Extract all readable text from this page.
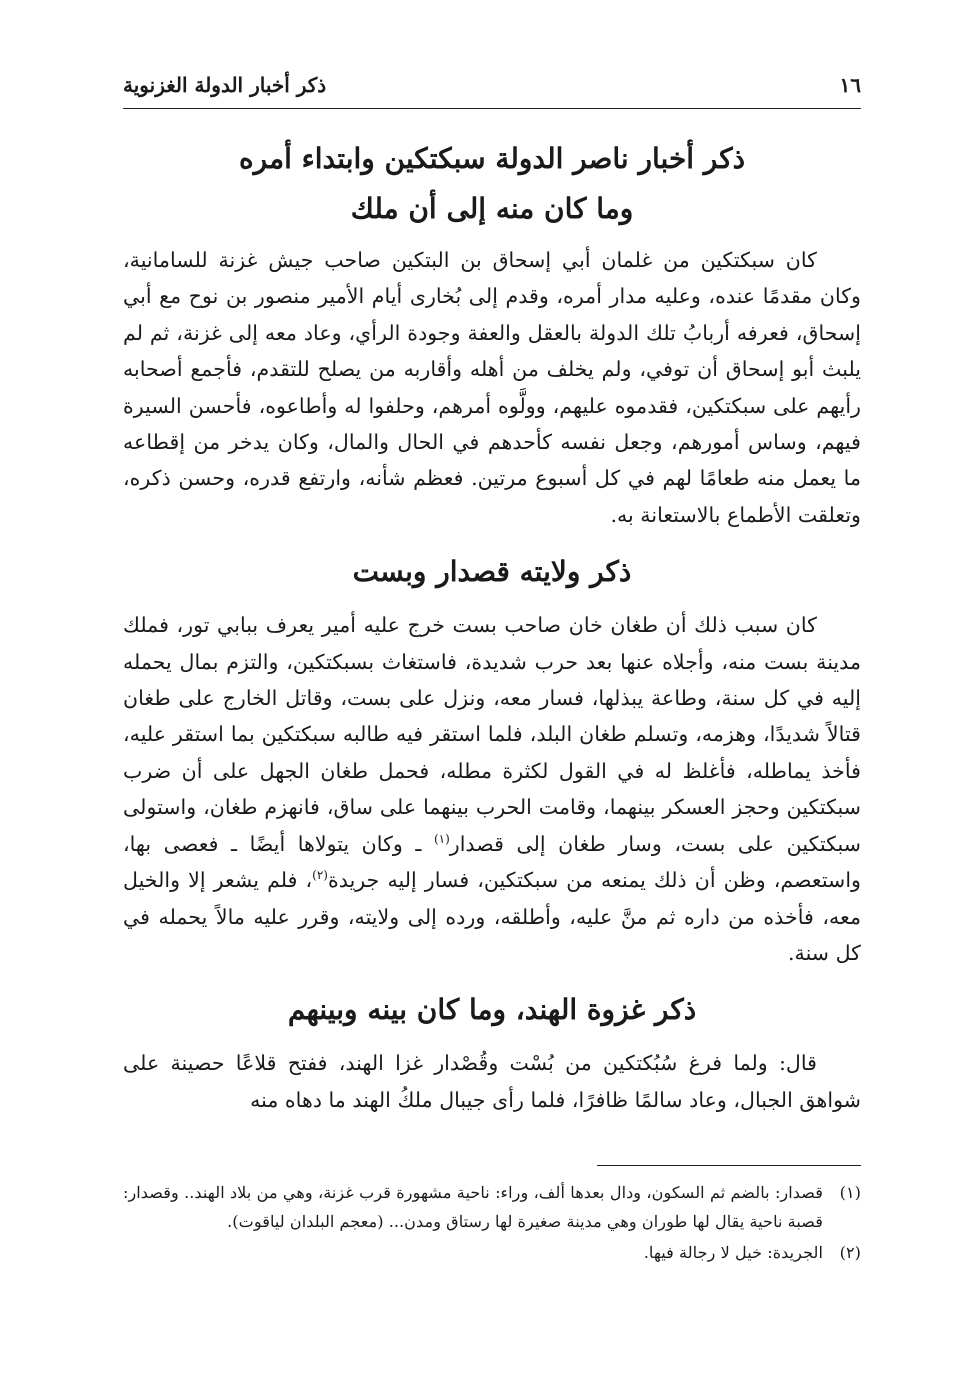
١٦
ذكر أخبار الدولة الغزنوية
ذكر أخبار ناصر الدولة سبكتكين وابتداء أمره
وما كان منه إلى أن ملك

كان سبكتكين من غلمان أبي إسحاق بن البتكين صاحب جيش غزنة للسامانية، وكان مقدمًا عنده، وعليه مدار أمره، وقدم إلى بُخارى أيام الأمير منصور بن نوح مع أبي إسحاق، فعرفه أربابُ تلك الدولة بالعقل والعفة وجودة الرأي، وعاد معه إلى غزنة، ثم لم يلبث أبو إسحاق أن توفي، ولم يخلف من أهله وأقاربه من يصلح للتقدم، فأجمع أصحابه رأيهم على سبكتكين، فقدموه عليهم، وولَّوه أمرهم، وحلفوا له وأطاعوه، فأحسن السيرة فيهم، وساس أمورهم، وجعل نفسه كأحدهم في الحال والمال، وكان يدخر من إقطاعه ما يعمل منه طعامًا لهم في كل أسبوع مرتين. فعظم شأنه، وارتفع قدره، وحسن ذكره، وتعلقت الأطماع بالاستعانة به.

ذكر ولايته قصدار وبست

كان سبب ذلك أن طغان خان صاحب بست خرج عليه أمير يعرف ببابي تور، فملك مدينة بست منه، وأجلاه عنها بعد حرب شديدة، فاستغاث بسبكتكين، والتزم بمال يحمله إليه في كل سنة، وطاعة يبذلها، فسار معه، ونزل على بست، وقاتل الخارج على طغان قتالاً شديدًا، وهزمه، وتسلم طغان البلد، فلما استقر فيه طالبه سبكتكين بما استقر عليه، فأخذ يماطله، فأغلظ له في القول لكثرة مطله، فحمل طغان الجهل على أن ضرب سبكتكين وحجز العسكر بينهما، وقامت الحرب بينهما على ساق، فانهزم طغان، واستولى سبكتكين على بست، وسار طغان إلى قصدار$^{(١)}$ ـ وكان يتولاها أيضًا ـ فعصى بها، واستعصم، وظن أن ذلك يمنعه من سبكتكين، فسار إليه جريدة$^{(٢)}$، فلم يشعر إلا والخيل معه، فأخذه من داره ثم منَّ عليه، وأطلقه، ورده إلى ولايته، وقرر عليه مالاً يحمله في كل سنة.

ذكر غزوة الهند، وما كان بينه وبينهم

قال: ولما فرغ سُبُكتكين من بُسْت وقُصْدار غزا الهند، ففتح قلاعًا حصينة على شواهق الجبال، وعاد سالمًا ظافرًا، فلما رأى جيبال ملكُ الهند ما دهاه منه

(١)
قصدار: بالضم ثم السكون، ودال بعدها ألف، وراء: ناحية مشهورة قرب غزنة، وهي من بلاد الهند.. وقصدار: قصبة ناحية يقال لها طوران وهي مدينة صغيرة لها رستاق ومدن... (معجم البلدان لياقوت).
(٢)
الجريدة: خيل لا رجالة فيها.
